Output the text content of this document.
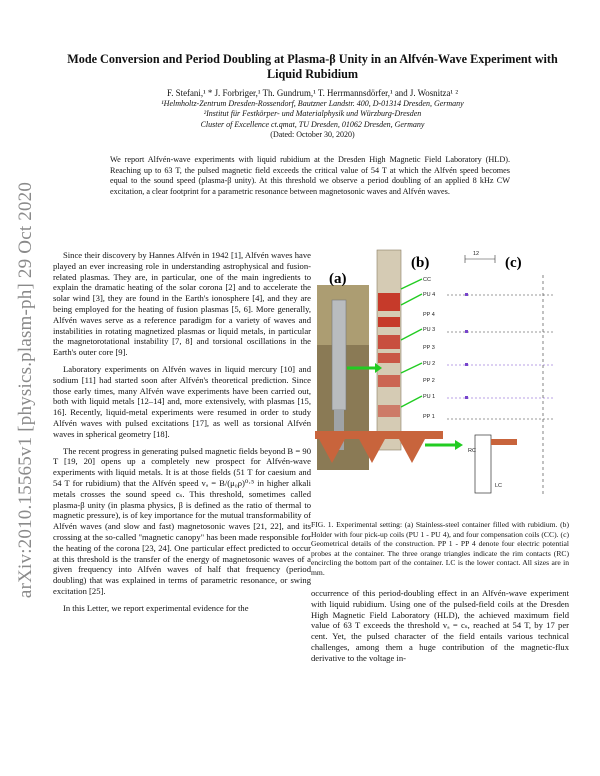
arXiv:2010.15565v1 [physics.plasm-ph] 29 Oct 2020
Mode Conversion and Period Doubling at Plasma-β Unity in an Alfvén-Wave Experiment with Liquid Rubidium
F. Stefani,¹ * J. Forbriger,¹ Th. Gundrum,¹ T. Herrmannsdörfer,¹ and J. Wosnitza¹ ²
¹Helmholtz-Zentrum Dresden-Rossendorf, Bautzner Landstr. 400, D-01314 Dresden, Germany
²Institut für Festkörper- und Materialphysik und Würzburg-Dresden
Cluster of Excellence ct.qmat, TU Dresden, 01062 Dresden, Germany
(Dated: October 30, 2020)
We report Alfvén-wave experiments with liquid rubidium at the Dresden High Magnetic Field Laboratory (HLD). Reaching up to 63 T, the pulsed magnetic field exceeds the critical value of 54 T at which the Alfvén speed becomes equal to the sound speed (plasma-β unity). At this threshold we observe a period doubling of an applied 8 kHz CW excitation, a clear footprint for a parametric resonance between magnetosonic waves and Alfvén waves.

Since their discovery by Hannes Alfvén in 1942 [1], Alfvén waves have played an ever increasing role in understanding astrophysical and fusion-related plasmas. They are, in particular, one of the main ingredients to explain the dramatic heating of the solar corona [2] and to accelerate the solar wind [3], they are found in the Earth's ionosphere [4], and they are being employed for the heating of fusion plasmas [5, 6]. More generally, Alfvén waves serve as a reference paradigm for a variety of waves and instabilities in rotating magnetized plasmas or liquid metals, in particular the magnetorotational instability [7, 8] and torsional oscillations in the Earth's outer core [9].

Laboratory experiments on Alfvén waves in liquid mercury [10] and sodium [11] had started soon after Alfvén's theoretical prediction. Since those early times, many Alfvén wave experiments have been carried out, both with liquid metals [12–14] and, more extensively, with plasmas [15, 16]. Recently, liquid-metal experiments were resumed in order to study Alfvén waves with pulsed excitations [17], as well as torsional Alfvén waves in spherical geometry [18].

The recent progress in generating pulsed magnetic fields beyond B = 90 T [19, 20] opens up a completely new prospect for Alfvén-wave experiments with liquid metals. It is at those fields (51 T for caesium and 54 T for rubidium) that the Alfvén speed vₐ = B/(μ₀ρ)⁰·⁵ in higher alkali metals crosses the sound speed cₛ. This threshold, sometimes called plasma-β unity (in plasma physics, β is defined as the ratio of thermal to magnetic pressure), is of key importance for the mutual transformability of Alfvén waves (and slow and fast) magnetosonic waves [21, 22], and its crossing at the so-called "magnetic canopy" has been made responsible for the heating of the corona [23, 24]. One particular effect predicted to occur at this threshold is the transfer of the energy of magnetosonic waves of a given frequency into Alfvén waves of half that frequency (period doubling) that was explained in terms of parametric resonance, or swing excitation [25].

In this Letter, we report experimental evidence for the

(a)
(b)	(c)
CC
PU 4
PP 4
PU 3
PP 3
PU 2
PP 2
PU 1
PP 1
12
RC
LC
FIG. 1. Experimental setting: (a) Stainless-steel container filled with rubidium. (b) Holder with four pick-up coils (PU 1 - PU 4), and four compensation coils (CC). (c) Geometrical details of the construction. PP 1 - PP 4 denote four electric potential probes at the container. The three orange triangles indicate the rim contacts (RC) encircling the bottom part of the container. LC is the lower contact. All sizes are in mm.

occurrence of this period-doubling effect in an Alfvén-wave experiment with liquid rubidium. Using one of the pulsed-field coils at the Dresden High Magnetic Field Laboratory (HLD), the achieved maximum field value of 63 T exceeds the threshold vₐ = cₛ, reached at 54 T, by 17 per cent. Yet, the pulsed character of the field entails various technical challenges, among them a huge contribution of the magnetic-flux derivative to the voltage in-
